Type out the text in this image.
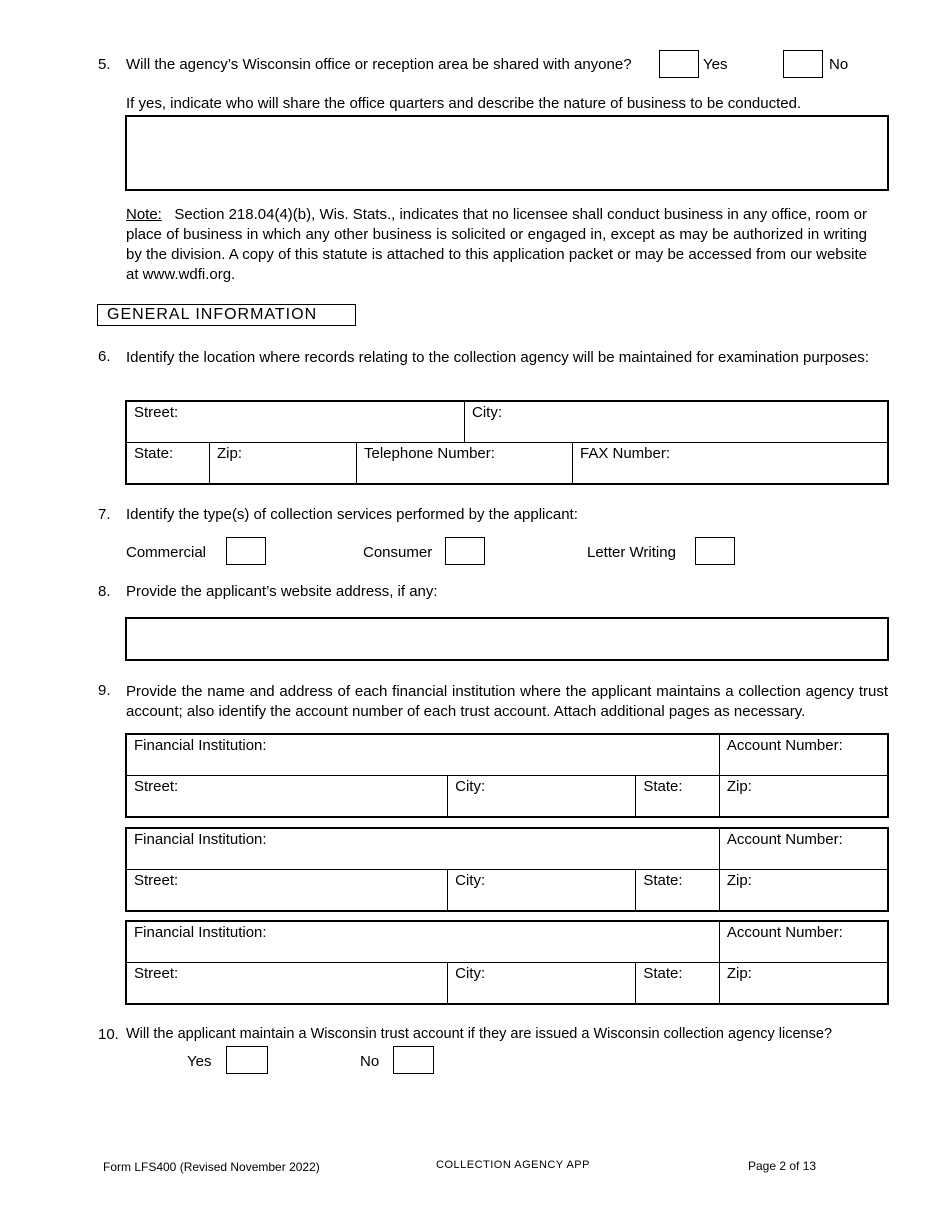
5. Will the agency’s Wisconsin office or reception area be shared with anyone?	Yes	No
If yes, indicate who will share the office quarters and describe the nature of business to be conducted.
Note: Section 218.04(4)(b), Wis. Stats., indicates that no licensee shall conduct business in any office, room or place of business in which any other business is solicited or engaged in, except as may be authorized in writing by the division. A copy of this statute is attached to this application packet or may be accessed from our website at www.wdfi.org.
GENERAL INFORMATION
6. Identify the location where records relating to the collection agency will be maintained for examination purposes:
Street:			City:	
State:	Zip:	Telephone Number:		FAX Number:
7. Identify the type(s) of collection services performed by the applicant:
Commercial	Consumer	Letter Writing
8. Provide the applicant’s website address, if any:
9. Provide the name and address of each financial institution where the applicant maintains a collection agency trust account; also identify the account number of each trust account. Attach additional pages as necessary.
Financial Institution:			Account Number:
Street:	City:	State:	Zip:
Financial Institution:			Account Number:
Street:	City:	State:	Zip:
Financial Institution:			Account Number:
Street:	City:	State:	Zip:
10. Will the applicant maintain a Wisconsin trust account if they are issued a Wisconsin collection agency license?
Yes	No
Form LFS400 (Revised November 2022)	COLLECTION AGENCY APP	Page 2 of 13
